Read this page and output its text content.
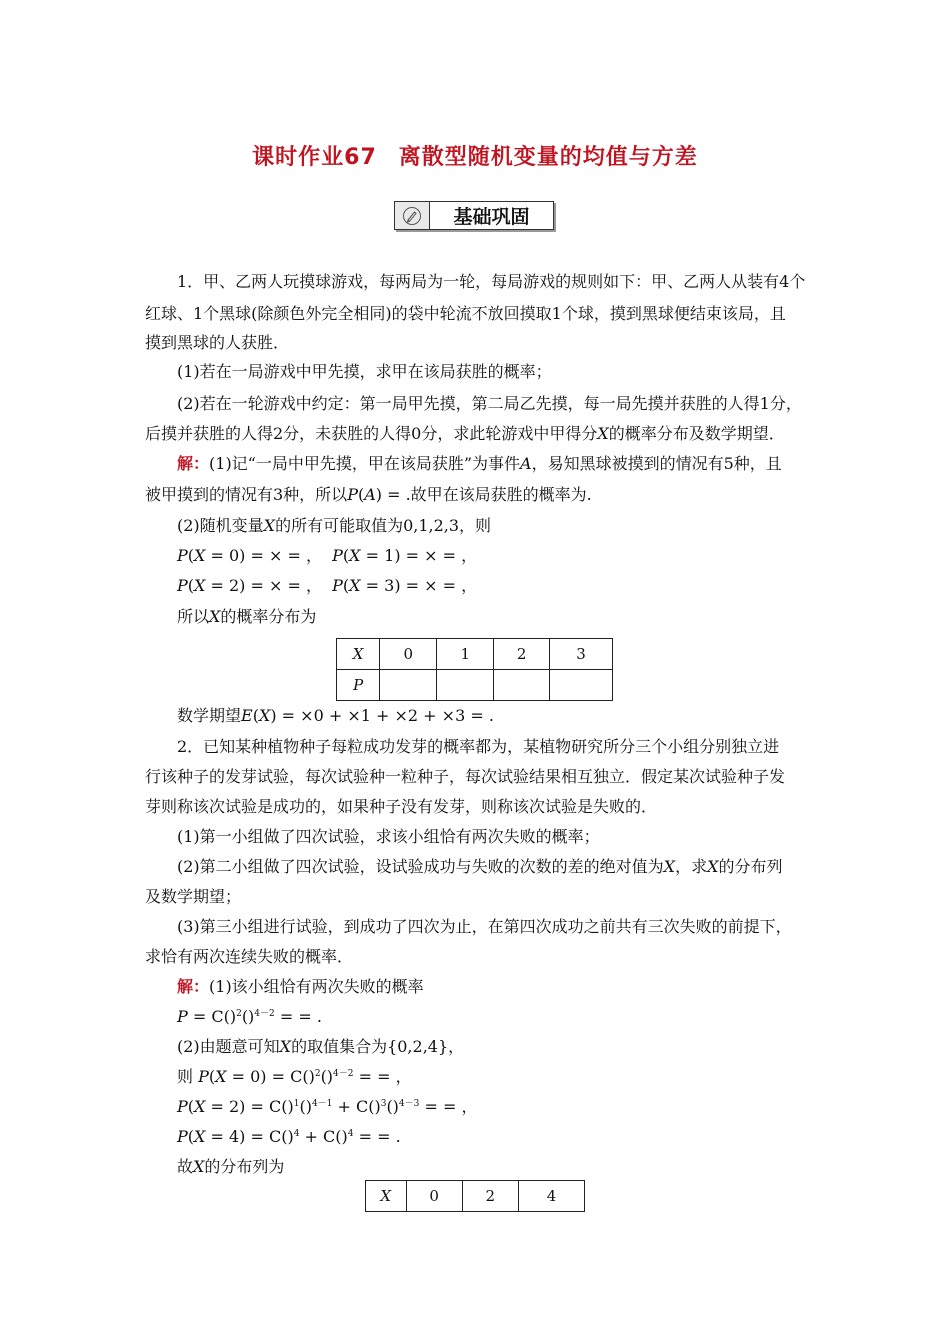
课时作业67 离散型随机变量的均值与方差
基础巩固
1．甲、乙两人玩摸球游戏，每两局为一轮，每局游戏的规则如下：甲、乙两人从装有4个
红球、1个黑球(除颜色外完全相同)的袋中轮流不放回摸取1个球，摸到黑球便结束该局，且
摸到黑球的人获胜．
(1)若在一局游戏中甲先摸，求甲在该局获胜的概率；
(2)若在一轮游戏中约定：第一局甲先摸，第二局乙先摸，每一局先摸并获胜的人得1分，
后摸并获胜的人得2分，未获胜的人得0分，求此轮游戏中甲得分X的概率分布及数学期望．
解：(1)记“一局中甲先摸，甲在该局获胜”为事件A，易知黑球被摸到的情况有5种，且
被甲摸到的情况有3种，所以P(A) = .故甲在该局获胜的概率为.
(2)随机变量X的所有可能取值为0,1,2,3，则
P(X = 0) = × = ， P(X = 1) = × = ，
P(X = 2) = × = ， P(X = 3) = × = ，
所以X的概率分布为
X	0	1	2	3
P				
数学期望E(X) = ×0 + ×1 + ×2 + ×3 = .
2．已知某种植物种子每粒成功发芽的概率都为，某植物研究所分三个小组分别独立进
行该种子的发芽试验，每次试验种一粒种子，每次试验结果相互独立．假定某次试验种子发
芽则称该次试验是成功的，如果种子没有发芽，则称该次试验是失败的．
(1)第一小组做了四次试验，求该小组恰有两次失败的概率；
(2)第二小组做了四次试验，设试验成功与失败的次数的差的绝对值为X，求X的分布列
及数学期望；
(3)第三小组进行试验，到成功了四次为止，在第四次成功之前共有三次失败的前提下，
求恰有两次连续失败的概率．
解：(1)该小组恰有两次失败的概率
P = C()$^2$()$^{4-2}$ = = .
(2)由题意可知X的取值集合为{0,2,4}，
则 P(X = 0) = C()$^2$()$^{4-2}$ = = ，
P(X = 2) = C()$^1$()$^{4-1}$ + C()$^3$()$^{4-3}$ = = ，
P(X = 4) = C()$^4$ + C()$^4$ = = .
故X的分布列为
X	0	2	4
